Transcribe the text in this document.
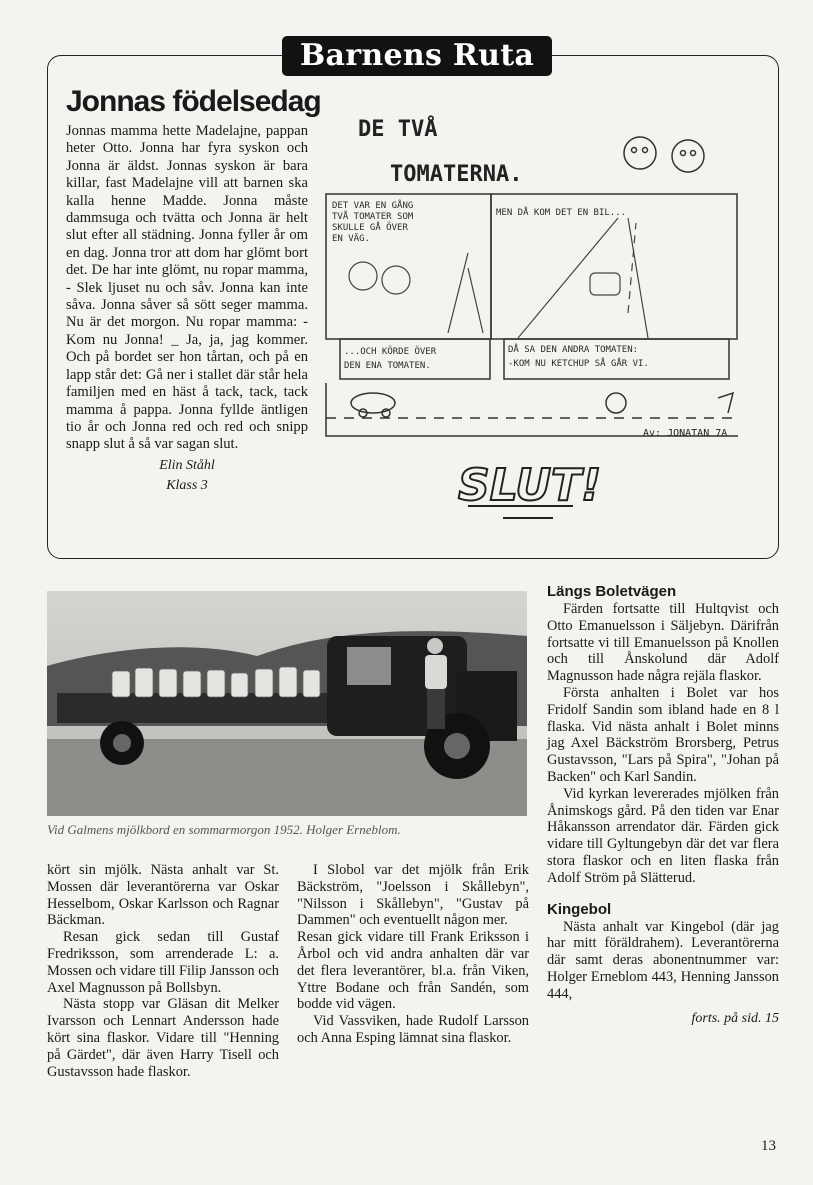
Barnens Ruta
Jonnas födelsedag

Jonnas mamma hette Madelajne, pappan heter Otto. Jonna har fyra syskon och Jonna är äldst. Jonnas syskon är bara killar, fast Madelajne vill att barnen ska kalla henne Madde. Jonna måste dammsuga och tvätta och Jonna är helt slut efter all städning. Jonna fyller år om en dag. Jonna tror att dom har glömt bort det. De har inte glömt, nu ropar mamma, - Slek ljuset nu och såv. Jonna kan inte såva. Jonna såver så sött seger mamma. Nu är det morgon. Nu ropar mamma: - Kom nu Jonna! _ Ja, ja, jag kommer. Och på bordet ser hon tårtan, och på en lapp står det: Gå ner i stallet där står hela familjen med en häst å tack, tack, tack mamma å pappa. Jonna fyllde äntligen tio år och Jonna red och red och snipp snapp slut å så var sagan slut.

Elin Ståhl
Klass 3
DE TVÅ
TOMATERNA.
DET VAR EN GÅNG TVÅ TOMATER SOM SKULLE GÅ ÖVER EN VÄG.
MEN DÅ KOM DET EN BIL...
...OCH KÖRDE ÖVER DEN ENA TOMATEN.
DÅ SA DEN ANDRA TOMATEN: -KOM NU KETCHUP SÅ GÅR VI.
Av: JONATAN 7A
SLUT!
Vid Galmens mjölkbord en sommarmorgon 1952. Holger Erneblom.

kört sin mjölk. Nästa anhalt var St. Mossen där leverantörerna var Oskar Hesselbom, Oskar Karlsson och Ragnar Bäckman.

Resan gick sedan till Gustaf Fredriksson, som arrenderade L: a. Mossen och vidare till Filip Jansson och Axel Magnusson på Bollsbyn.

Nästa stopp var Gläsan dit Melker Ivarsson och Lennart Andersson hade kört sina flaskor. Vidare till "Henning på Gärdet", där även Harry Tisell och Gustavsson hade flaskor.

I Slobol var det mjölk från Erik Bäckström, "Joelsson i Skållebyn", "Nilsson i Skållebyn", "Gustav på Dammen" och eventuellt någon mer.

Resan gick vidare till Frank Eriksson i Årbol och vid andra anhalten där var det flera leverantörer, bl.a. från Viken, Yttre Bodane och från Sandén, som bodde vid vägen.

Vid Vassviken, hade Rudolf Larsson och Anna Esping lämnat sina flaskor.

Längs Boletvägen

Färden fortsatte till Hultqvist och Otto Emanuelsson i Säljebyn. Därifrån fortsatte vi till Emanuelsson på Knollen och till Ånskolund där Adolf Magnusson hade några rejäla flaskor.

Första anhalten i Bolet var hos Fridolf Sandin som ibland hade en 8 l flaska. Vid nästa anhalt i Bolet minns jag Axel Bäckström Brorsberg, Petrus Gustavsson, "Lars på Spira", "Johan på Backen" och Karl Sandin.

Vid kyrkan levererades mjölken från Ånimskogs gård. På den tiden var Enar Håkansson arrendator där. Färden gick vidare till Gyltungebyn där det var flera stora flaskor och en liten flaska från Adolf Ström på Slätterud.

Kingebol

Nästa anhalt var Kingebol (där jag har mitt föräldrahem). Leverantörerna där samt deras abonentnummer var: Holger Erneblom 443, Henning Jansson 444,

forts. på sid. 15
13
